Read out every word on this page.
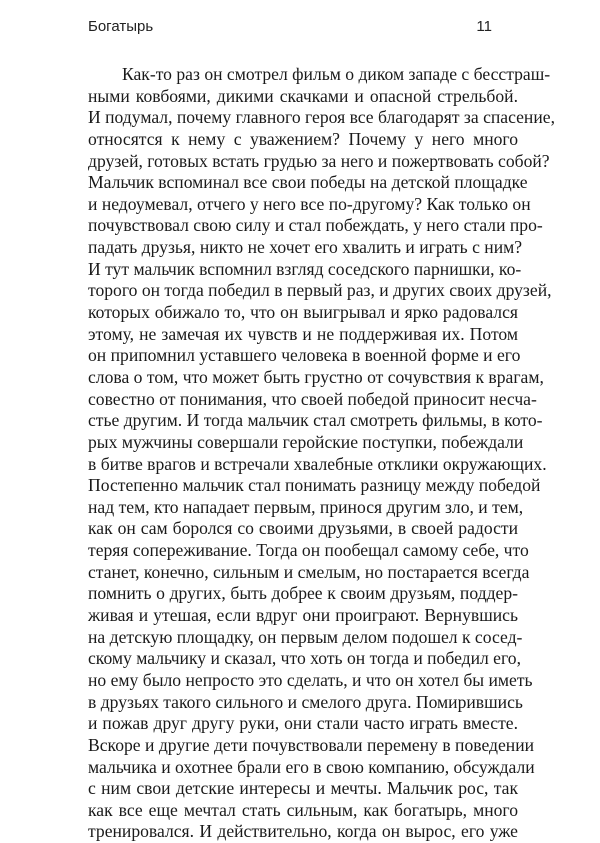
Богатырь	11
Как-то раз он смотрел фильм о диком западе с бесстраш-
ными ковбоями, дикими скачками и опасной стрельбой.
И подумал, почему главного героя все благодарят за спасение,
относятся к нему с уважением? Почему у него много
друзей, готовых встать грудью за него и пожертвовать собой?
Мальчик вспоминал все свои победы на детской площадке
и недоумевал, отчего у него все по-другому? Как только он
почувствовал свою силу и стал побеждать, у него стали про-
падать друзья, никто не хочет его хвалить и играть с ним?
И тут мальчик вспомнил взгляд соседского парнишки, ко-
торого он тогда победил в первый раз, и других своих друзей,
которых обижало то, что он выигрывал и ярко радовался
этому, не замечая их чувств и не поддерживая их. Потом
он припомнил уставшего человека в военной форме и его
слова о том, что может быть грустно от сочувствия к врагам,
совестно от понимания, что своей победой приносит несча-
стье другим. И тогда мальчик стал смотреть фильмы, в кото-
рых мужчины совершали геройские поступки, побеждали
в битве врагов и встречали хвалебные отклики окружающих.
Постепенно мальчик стал понимать разницу между победой
над тем, кто нападает первым, принося другим зло, и тем,
как он сам боролся со своими друзьями, в своей радости
теряя сопереживание. Тогда он пообещал самому себе, что
станет, конечно, сильным и смелым, но постарается всегда
помнить о других, быть добрее к своим друзьям, поддер-
живая и утешая, если вдруг они проиграют. Вернувшись
на детскую площадку, он первым делом подошел к сосед-
скому мальчику и сказал, что хоть он тогда и победил его,
но ему было непросто это сделать, и что он хотел бы иметь
в друзьях такого сильного и смелого друга. Помирившись
и пожав друг другу руки, они стали часто играть вместе.
Вскоре и другие дети почувствовали перемену в поведении
мальчика и охотнее брали его в свою компанию, обсуждали
с ним свои детские интересы и мечты. Мальчик рос, так
как все еще мечтал стать сильным, как богатырь, много
тренировался. И действительно, когда он вырос, его уже
